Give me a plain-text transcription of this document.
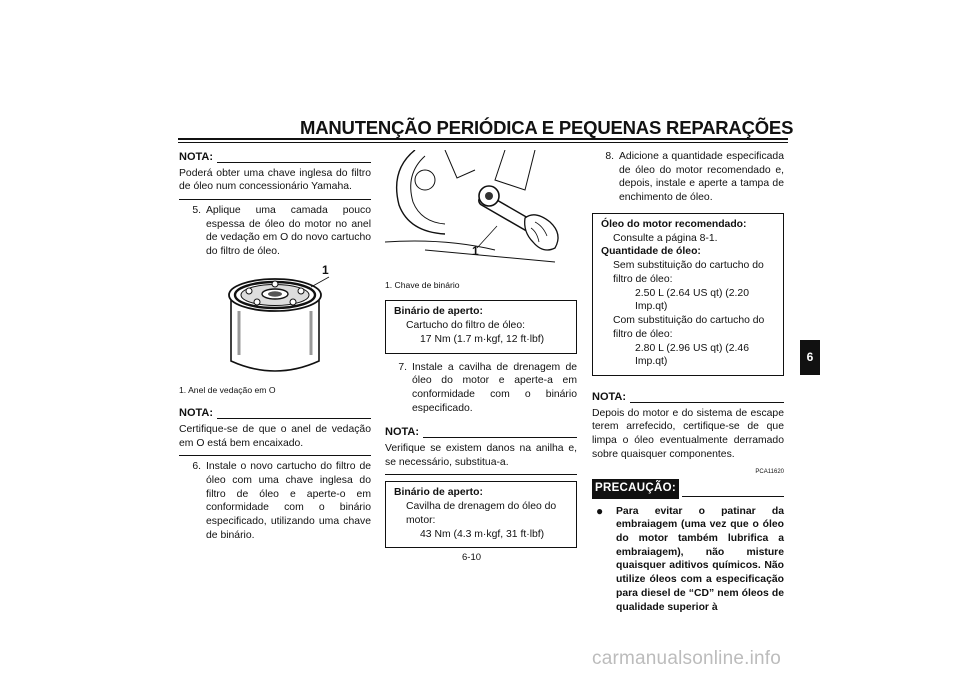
MANUTENÇÃO PERIÓDICA E PEQUENAS REPARAÇÕES
6
NOTA:
Poderá obter uma chave inglesa do filtro de óleo num concessionário Yamaha.
5. Aplique uma camada pouco espessa de óleo do motor no anel de vedação em O do novo cartucho do filtro de óleo.
1
1. Anel de vedação em O
NOTA:
Certifique-se de que o anel de vedação em O está bem encaixado.
6. Instale o novo cartucho do filtro de óleo com uma chave inglesa do filtro de óleo e aperte-o em conformidade com o binário especificado, utilizando uma chave de binário.
1
1. Chave de binário
Binário de aperto:
Cartucho do filtro de óleo:
17 Nm (1.7 m·kgf, 12 ft·lbf)
7. Instale a cavilha de drenagem de óleo do motor e aperte-a em conformidade com o binário especificado.
NOTA:
Verifique se existem danos na anilha e, se necessário, substitua-a.
Binário de aperto:
Cavilha de drenagem do óleo do motor:
43 Nm (4.3 m·kgf, 31 ft·lbf)
8. Adicione a quantidade especificada de óleo do motor recomendado e, depois, instale e aperte a tampa de enchimento de óleo.
Óleo do motor recomendado:
Consulte a página 8-1.
Quantidade de óleo:
Sem substituição do cartucho do filtro de óleo:
2.50 L (2.64 US qt) (2.20 Imp.qt)
Com substituição do cartucho do filtro de óleo:
2.80 L (2.96 US qt) (2.46 Imp.qt)
NOTA:
Depois do motor e do sistema de escape terem arrefecido, certifique-se de que limpa o óleo eventualmente derramado sobre quaisquer componentes.
PCA11620
PRECAUÇÃO:
●	Para evitar o patinar da embraiagem (uma vez que o óleo do motor também lubrifica a embraiagem), não misture quaisquer aditivos químicos. Não utilize óleos com a especificação para diesel de “CD” nem óleos de qualidade superior à
6-10
carmanualsonline.info
